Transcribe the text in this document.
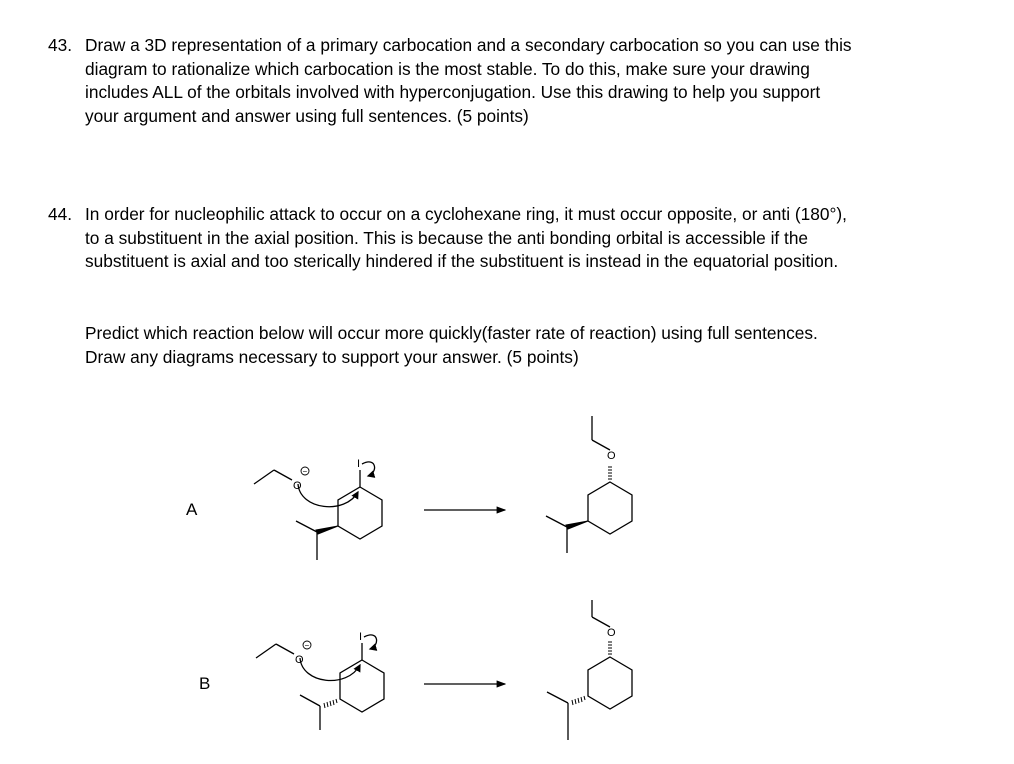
43. Draw a 3D representation of a primary carbocation and a secondary carbocation so you can use this
diagram to rationalize which carbocation is the most stable. To do this, make sure your drawing
includes ALL of the orbitals involved with hyperconjugation. Use this drawing to help you support
your argument and answer using full sentences. (5 points)
44. In order for nucleophilic attack to occur on a cyclohexane ring, it must occur opposite, or anti (180°),
to a substituent in the axial position. This is because the anti bonding orbital is accessible if the
substituent is axial and too sterically hindered if the substituent is instead in the equatorial position.
Predict which reaction below will occur more quickly(faster rate of reaction) using full sentences.
Draw any diagrams necessary to support your answer. (5 points)
A
B
O
−
I
O
O
−
I	O
